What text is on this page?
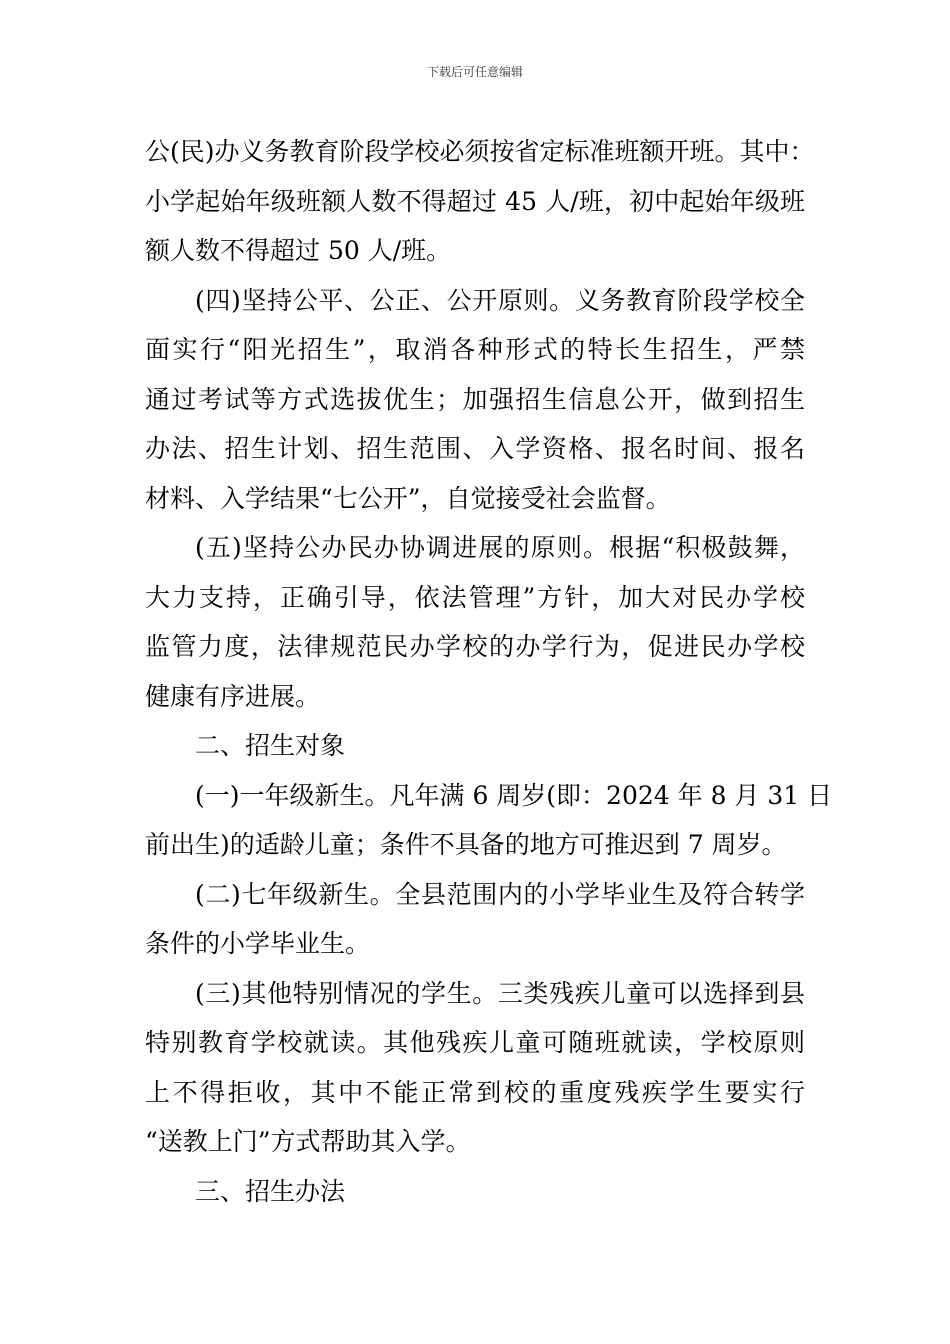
下载后可任意编辑
公(民)办义务教育阶段学校必须按省定标准班额开班。其中：
小学起始年级班额人数不得超过 45 人/班，初中起始年级班
额人数不得超过 50 人/班。
(四)坚持公平、公正、公开原则。义务教育阶段学校全
面实行“阳光招生”，取消各种形式的特长生招生，严禁
通过考试等方式选拔优生；加强招生信息公开，做到招生
办法、招生计划、招生范围、入学资格、报名时间、报名
材料、入学结果“七公开”，自觉接受社会监督。
(五)坚持公办民办协调进展的原则。根据“积极鼓舞，
大力支持，正确引导，依法管理”方针，加大对民办学校
监管力度，法律规范民办学校的办学行为，促进民办学校
健康有序进展。
二、招生对象
(一)一年级新生。凡年满 6 周岁(即：2024 年 8 月 31 日
前出生)的适龄儿童；条件不具备的地方可推迟到 7 周岁。
(二)七年级新生。全县范围内的小学毕业生及符合转学
条件的小学毕业生。
(三)其他特别情况的学生。三类残疾儿童可以选择到县
特别教育学校就读。其他残疾儿童可随班就读，学校原则
上不得拒收，其中不能正常到校的重度残疾学生要实行
“送教上门”方式帮助其入学。
三、招生办法
